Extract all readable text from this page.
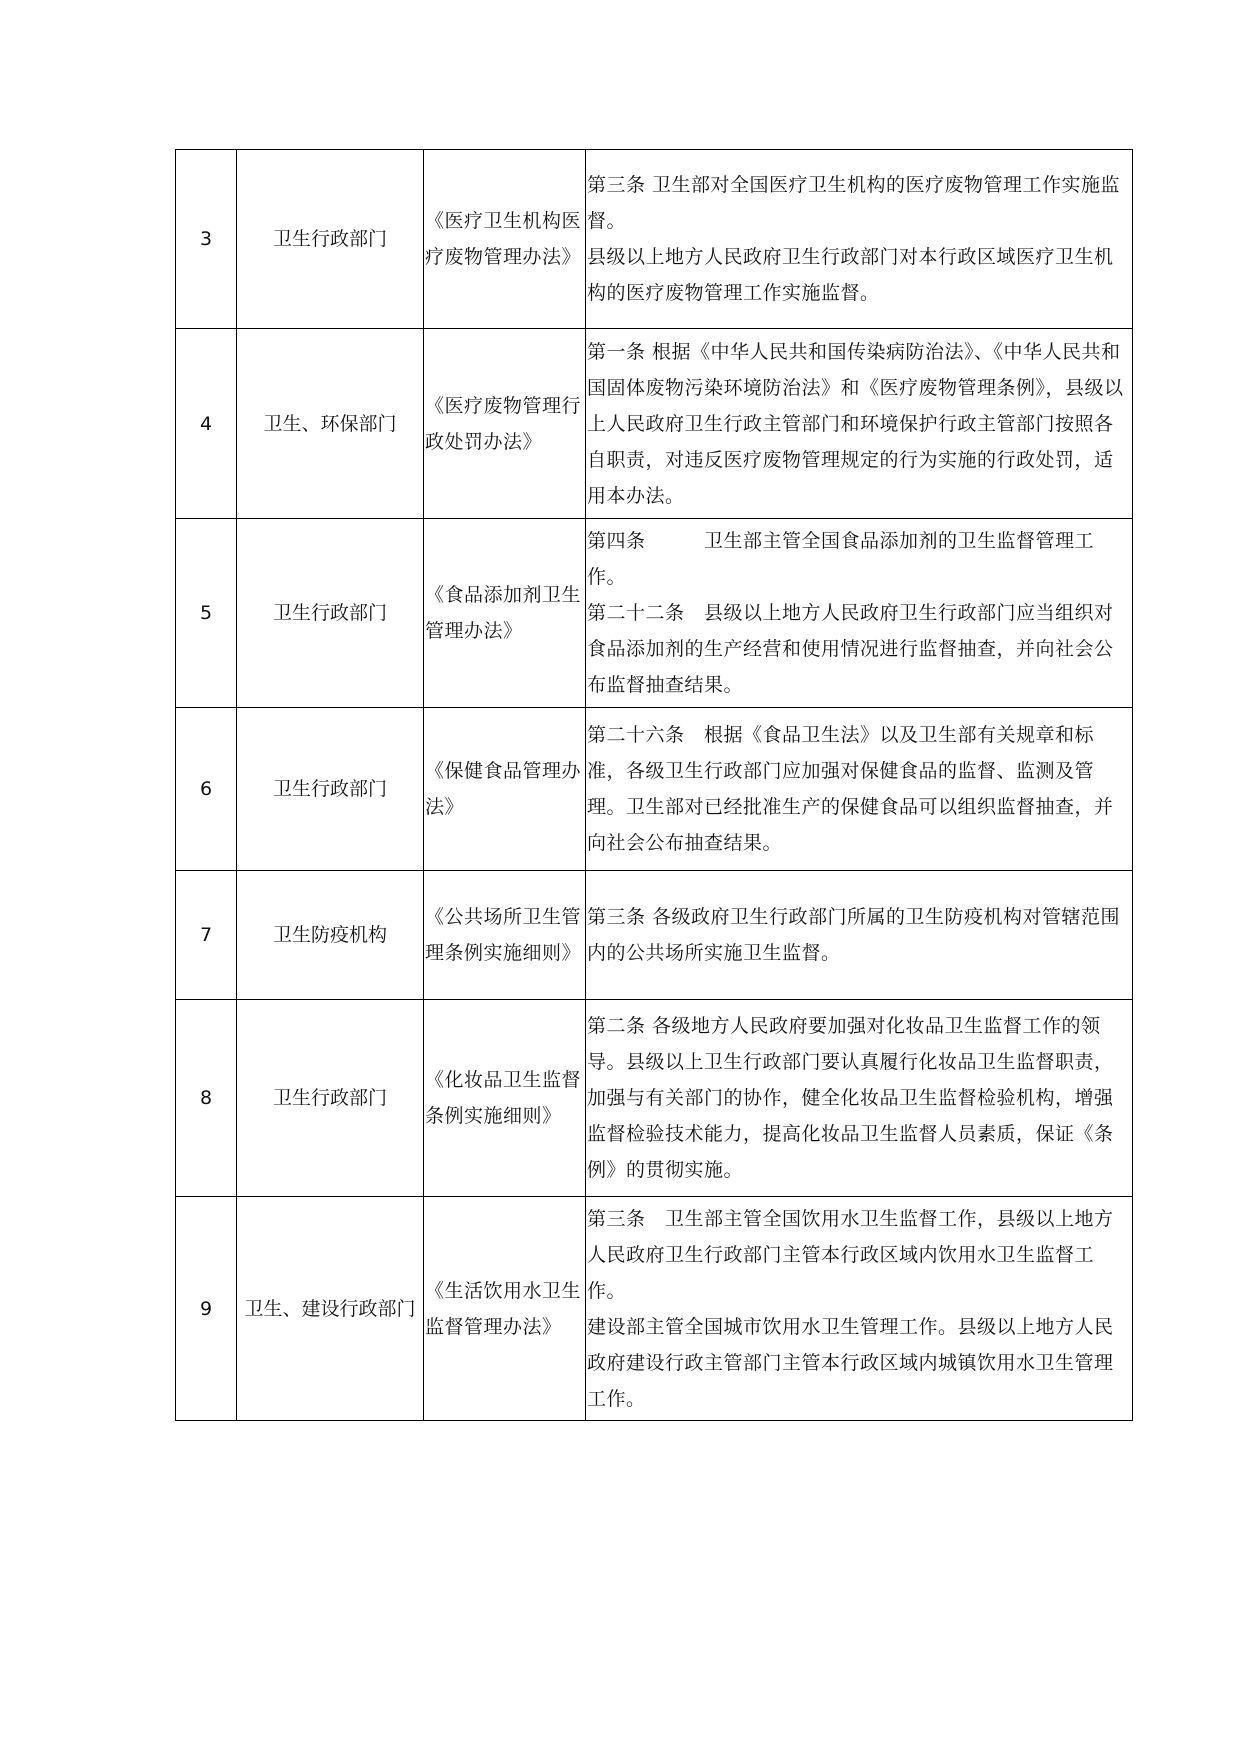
3	卫生行政部门	《医疗卫生机构医疗废物管理办法》	第三条 卫生部对全国医疗卫生机构的医疗废物管理工作实施监督。
县级以上地方人民政府卫生行政部门对本行政区域医疗卫生机构的医疗废物管理工作实施监督。

4	卫生、环保部门	《医疗废物管理行政处罚办法》	第一条 根据《中华人民共和国传染病防治法》、《中华人民共和国固体废物污染环境防治法》和《医疗废物管理条例》，县级以上人民政府卫生行政主管部门和环境保护行政主管部门按照各自职责，对违反医疗废物管理规定的行为实施的行政处罚，适用本办法。

5	卫生行政部门	《食品添加剂卫生管理办法》	第四条　　　卫生部主管全国食品添加剂的卫生监督管理工作。
第二十二条　县级以上地方人民政府卫生行政部门应当组织对食品添加剂的生产经营和使用情况进行监督抽查，并向社会公布监督抽查结果。

6	卫生行政部门	《保健食品管理办法》	第二十六条　根据《食品卫生法》以及卫生部有关规章和标准，各级卫生行政部门应加强对保健食品的监督、监测及管理。卫生部对已经批准生产的保健食品可以组织监督抽查，并向社会公布抽查结果。

7	卫生防疫机构	《公共场所卫生管理条例实施细则》	第三条 各级政府卫生行政部门所属的卫生防疫机构对管辖范围内的公共场所实施卫生监督。

8	卫生行政部门	《化妆品卫生监督条例实施细则》	第二条 各级地方人民政府要加强对化妆品卫生监督工作的领导。县级以上卫生行政部门要认真履行化妆品卫生监督职责，加强与有关部门的协作，健全化妆品卫生监督检验机构，增强监督检验技术能力，提高化妆品卫生监督人员素质，保证《条例》的贯彻实施。

9	卫生、建设行政部门	《生活饮用水卫生监督管理办法》	第三条　卫生部主管全国饮用水卫生监督工作，县级以上地方人民政府卫生行政部门主管本行政区域内饮用水卫生监督工作。
建设部主管全国城市饮用水卫生管理工作。县级以上地方人民政府建设行政主管部门主管本行政区域内城镇饮用水卫生管理工作。
